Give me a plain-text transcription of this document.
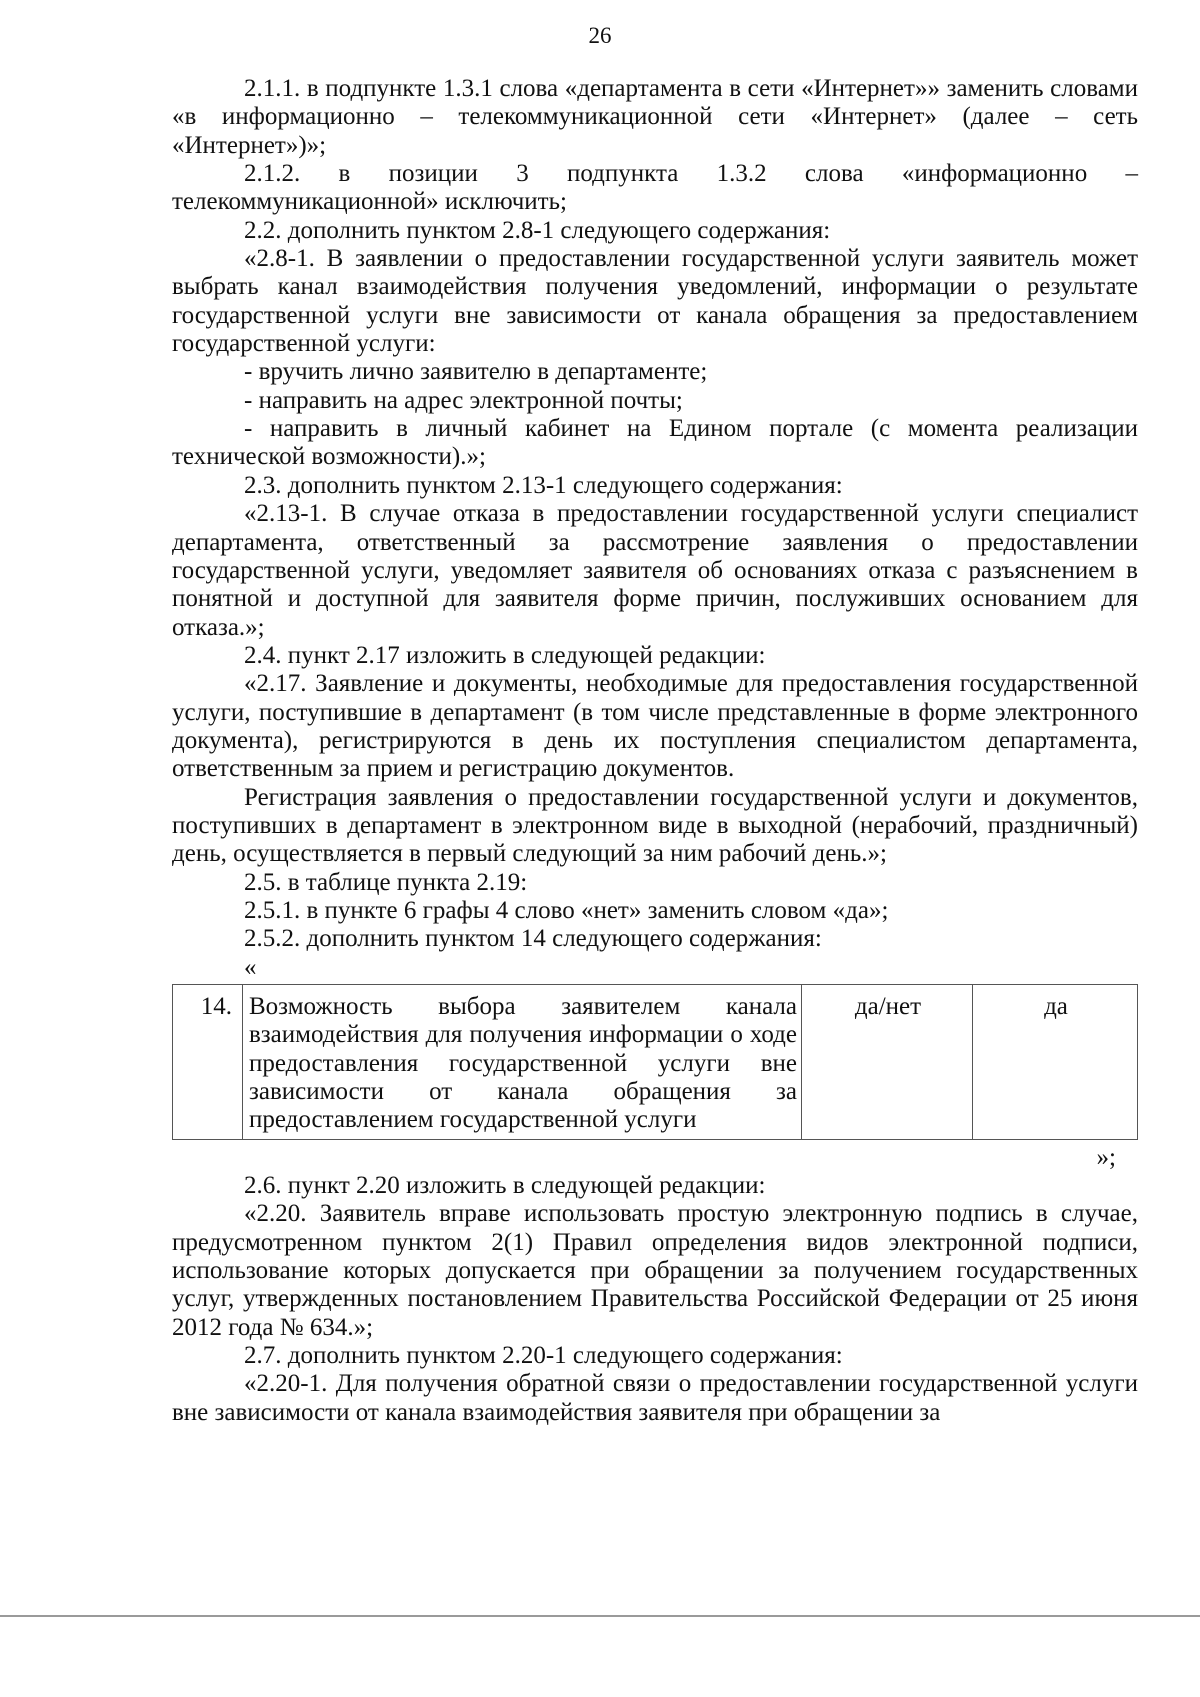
26

2.1.1. в подпункте 1.3.1 слова «департамента в сети «Интернет»» заменить словами «в информационно – телекоммуникационной сети «Интернет» (далее – сеть «Интернет»)»;

2.1.2. в позиции 3 подпункта 1.3.2 слова «информационно –

телекоммуникационной» исключить;

2.2. дополнить пунктом 2.8-1 следующего содержания:

«2.8-1. В заявлении о предоставлении государственной услуги заявитель может выбрать канал взаимодействия получения уведомлений, информации о результате государственной услуги вне зависимости от канала обращения за предоставлением государственной услуги:

- вручить лично заявителю в департаменте;

- направить на адрес электронной почты;

- направить в личный кабинет на Едином портале (с момента реализации технической возможности).»;

2.3. дополнить пунктом 2.13-1 следующего содержания:

«2.13-1. В случае отказа в предоставлении государственной услуги специалист департамента, ответственный за рассмотрение заявления о предоставлении государственной услуги, уведомляет заявителя об основаниях отказа с разъяснением в понятной и доступной для заявителя форме причин, послуживших основанием для отказа.»;

2.4. пункт 2.17 изложить в следующей редакции:

«2.17. Заявление и документы, необходимые для предоставления государственной услуги, поступившие в департамент (в том числе представленные в форме электронного документа), регистрируются в день их поступления специалистом департамента, ответственным за прием и регистрацию документов.

Регистрация заявления о предоставлении государственной услуги и документов, поступивших в департамент в электронном виде в выходной (нерабочий, праздничный) день, осуществляется в первый следующий за ним рабочий день.»;

2.5. в таблице пункта 2.19:

2.5.1. в пункте 6 графы 4 слово «нет» заменить словом «да»;

2.5.2. дополнить пунктом 14 следующего содержания:

«

14.	Возможность выбора заявителем канала взаимодействия для получения информации о ходе предоставления государственной услуги вне зависимости от канала обращения за предоставлением государственной услуги	да/нет	да

»;

2.6. пункт 2.20 изложить в следующей редакции:

«2.20. Заявитель вправе использовать простую электронную подпись в случае, предусмотренном пунктом 2(1) Правил определения видов электронной подписи, использование которых допускается при обращении за получением государственных услуг, утвержденных постановлением Правительства Российской Федерации от 25 июня 2012 года № 634.»;

2.7. дополнить пунктом 2.20-1 следующего содержания:

«2.20-1. Для получения обратной связи о предоставлении государственной услуги вне зависимости от канала взаимодействия заявителя при обращении за
